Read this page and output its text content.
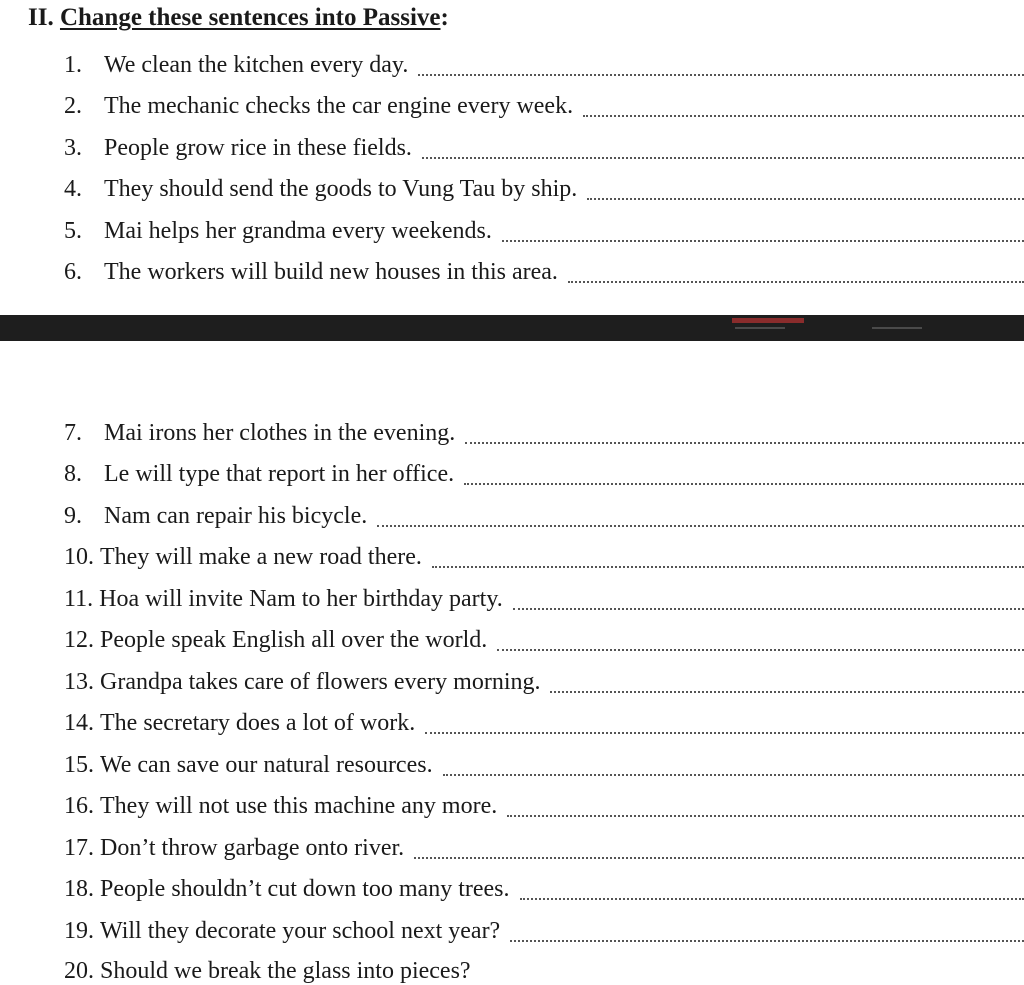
II. Change these sentences into Passive:
1. We clean the kitchen every day.
2. The mechanic checks the car engine every week.
3. People grow rice in these fields.
4. They should send the goods to Vung Tau by ship.
5. Mai helps her grandma every weekends.
6. The workers will build new houses in this area.
7. Mai irons her clothes in the evening.
8. Le will type that report in her office.
9. Nam can repair his bicycle.
10. They will make a new road there.
11. Hoa will invite Nam to her birthday party.
12. People speak English all over the world.
13. Grandpa takes care of flowers every morning.
14. The secretary does a lot of work.
15. We can save our natural resources.
16. They will not use this machine any more.
17. Don’t throw garbage onto river.
18. People shouldn’t cut down too many trees.
19. Will they decorate your school next year?
20. Should we break the glass into pieces?
